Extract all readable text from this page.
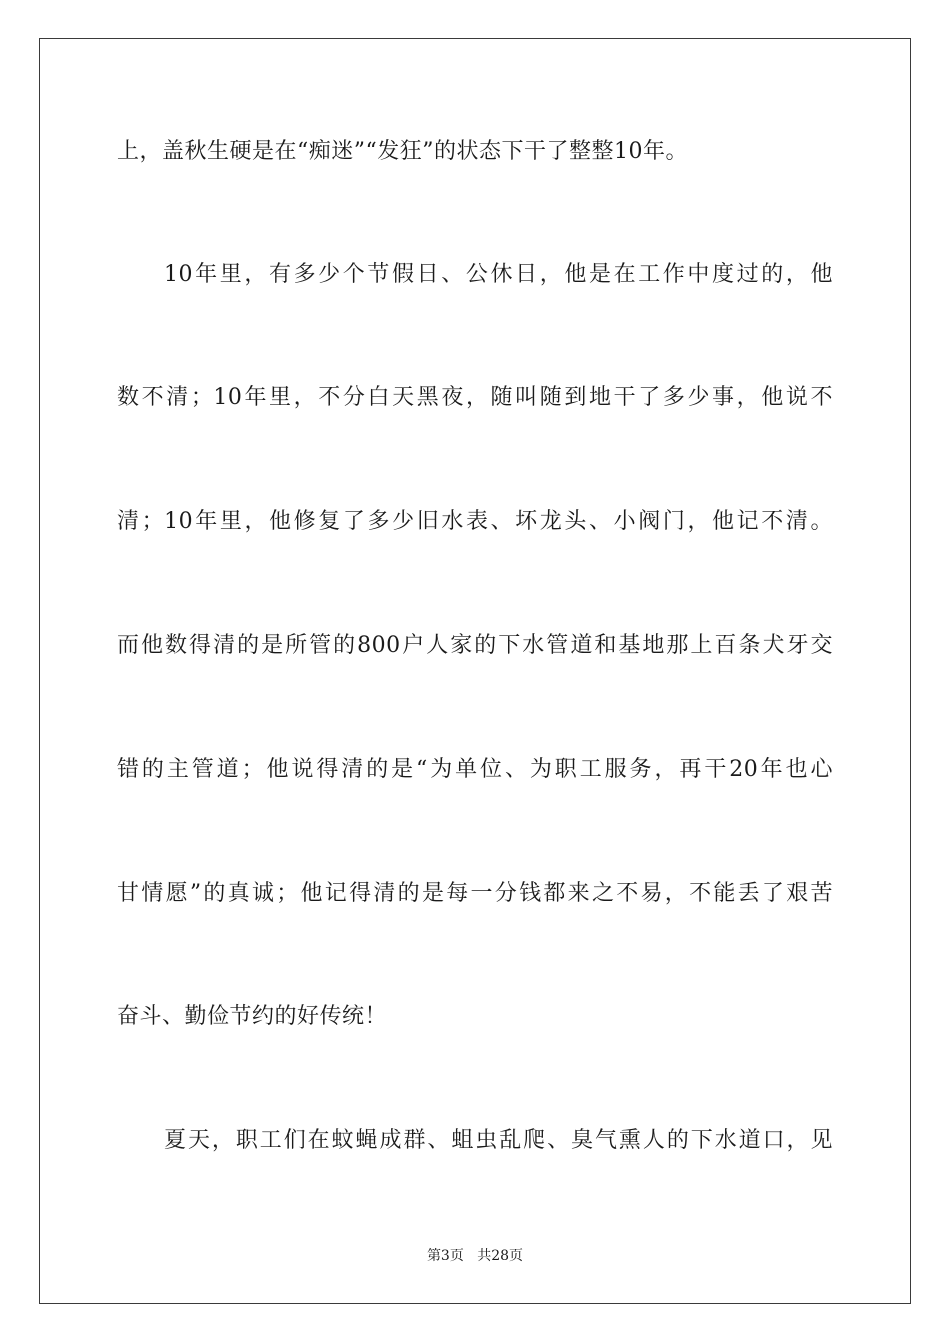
上，盖秋生硬是在“痴迷”“发狂”的状态下干了整整10年。
10年里，有多少个节假日、公休日，他是在工作中度过的，他
数不清；10年里，不分白天黑夜，随叫随到地干了多少事，他说不
清；10年里，他修复了多少旧水表、坏龙头、小阀门，他记不清。
而他数得清的是所管的800户人家的下水管道和基地那上百条犬牙交
错的主管道；他说得清的是“为单位、为职工服务，再干20年也心
甘情愿”的真诚；他记得清的是每一分钱都来之不易，不能丢了艰苦
奋斗、勤俭节约的好传统！
夏天，职工们在蚊蝇成群、蛆虫乱爬、臭气熏人的下水道口，见
第3页 共28页
